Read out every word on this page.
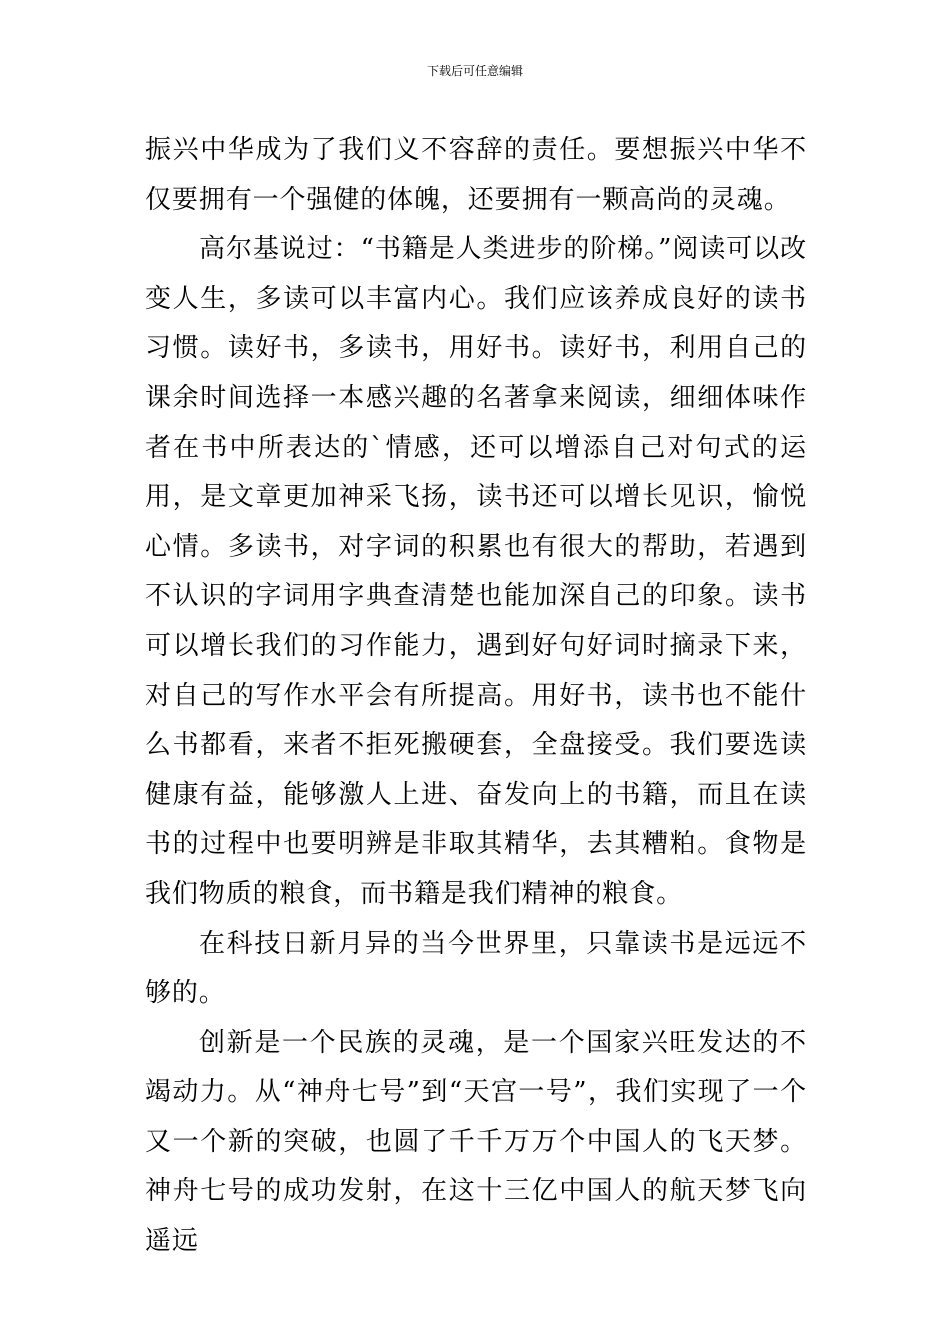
下载后可任意编辑

振兴中华成为了我们义不容辞的责任。要想振兴中华不仅要拥有一个强健的体魄，还要拥有一颗高尚的灵魂。

高尔基说过：“书籍是人类进步的阶梯。”阅读可以改变人生，多读可以丰富内心。我们应该养成良好的读书习惯。读好书，多读书，用好书。读好书，利用自己的课余时间选择一本感兴趣的名著拿来阅读，细细体味作者在书中所表达的`情感，还可以增添自己对句式的运用，是文章更加神采飞扬，读书还可以增长见识，愉悦心情。多读书，对字词的积累也有很大的帮助，若遇到不认识的字词用字典查清楚也能加深自己的印象。读书可以增长我们的习作能力，遇到好句好词时摘录下来，对自己的写作水平会有所提高。用好书，读书也不能什么书都看，来者不拒死搬硬套，全盘接受。我们要选读健康有益，能够激人上进、奋发向上的书籍，而且在读书的过程中也要明辨是非取其精华，去其糟粕。食物是我们物质的粮食，而书籍是我们精神的粮食。

在科技日新月异的当今世界里，只靠读书是远远不够的。

创新是一个民族的灵魂，是一个国家兴旺发达的不竭动力。从“神舟七号”到“天宫一号”，我们实现了一个又一个新的突破，也圆了千千万万个中国人的飞天梦。神舟七号的成功发射，在这十三亿中国人的航天梦飞向遥远
